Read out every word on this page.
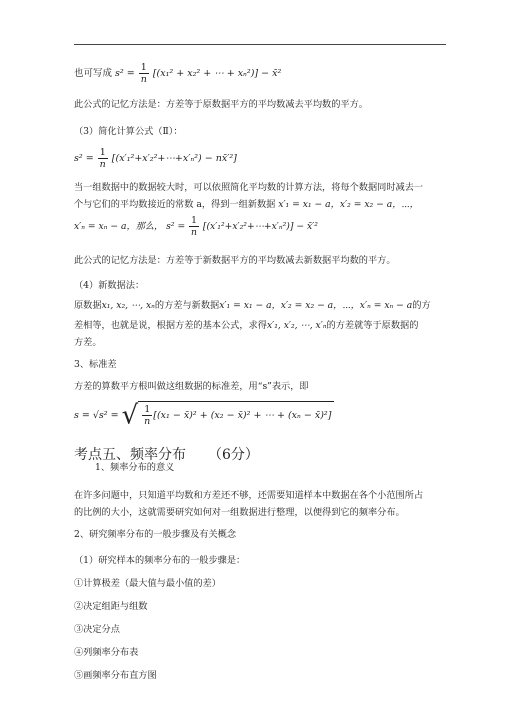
也可写成 $s^2 = \frac{1}{n} [(x_1^2 + x_2^2$ + ⋯ + xₙ²)] − x̄²
此公式的记忆方法是：方差等于原数据平方的平均数减去平均数的平方。
（3）简化计算公式（Ⅱ）：
$s^2 = \frac{1}{n}$ [(x′₁²+x′₂²+⋯+x′ₙ²) − nx̄′²]
当一组数据中的数据较大时，可以依照简化平均数的计算方法，将每个数据同时减去一
个与它们的平均数接近的常数 a，得到一组新数据 x′₁ = x₁ − a，x′₂ = x₂ − a，⋯，
x′ₙ = xₙ − a，那么， $s^2 = \frac{1}{n}$ [(x′₁²+x′₂²+⋯+x′ₙ²)] − x̄′²
此公式的记忆方法是：方差等于新数据平方的平均数减去新数据平均数的平方。
（4）新数据法：
原数据x₁, x₂, ⋯, xₙ的方差与新数据x′₁ = x₁ − a，x′₂ = x₂ − a，⋯，x′ₙ = xₙ − a的方
差相等，也就是说，根据方差的基本公式，求得x′₁, x′₂, ⋯, x′ₙ的方差就等于原数据的
方差。
3、标准差
方差的算数平方根叫做这组数据的标准差，用“s”表示，即
s = √s² = √ $\frac{1}{n} [(x_1$ − x̄)² + (x₂ − x̄)² + ⋯ + (xₙ − x̄)²]
考点五、频率分布 （6分）
1、频率分布的意义
在许多问题中，只知道平均数和方差还不够，还需要知道样本中数据在各个小范围所占
的比例的大小，这就需要研究如何对一组数据进行整理，以便得到它的频率分布。
2、研究频率分布的一般步骤及有关概念
（1）研究样本的频率分布的一般步骤是：
①计算极差（最大值与最小值的差）
②决定组距与组数
③决定分点
④列频率分布表
⑤画频率分布直方图
